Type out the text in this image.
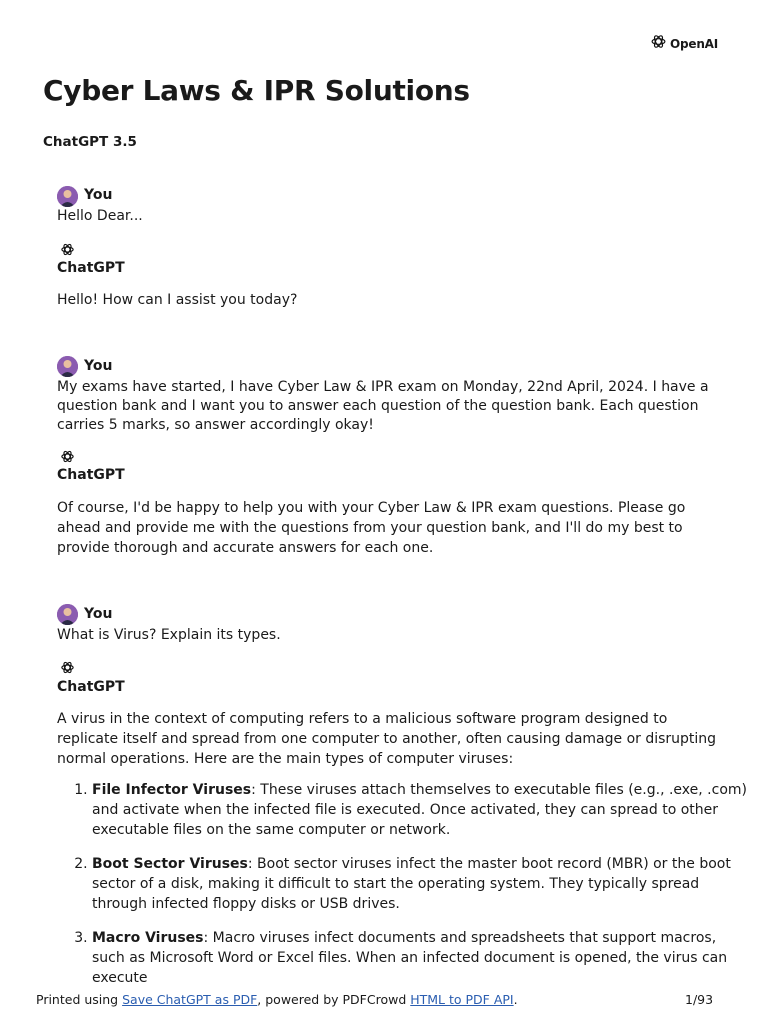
OpenAI
Cyber Laws & IPR Solutions
ChatGPT 3.5
You
Hello Dear...
ChatGPT
Hello! How can I assist you today?
You
My exams have started, I have Cyber Law & IPR exam on Monday, 22nd April, 2024. I have a question bank and I want you to answer each question of the question bank. Each question carries 5 marks, so answer accordingly okay!
ChatGPT
Of course, I'd be happy to help you with your Cyber Law & IPR exam questions. Please go ahead and provide me with the questions from your question bank, and I'll do my best to provide thorough and accurate answers for each one.
You
What is Virus? Explain its types.
ChatGPT
A virus in the context of computing refers to a malicious software program designed to replicate itself and spread from one computer to another, often causing damage or disrupting normal operations. Here are the main types of computer viruses:
1. File Infector Viruses: These viruses attach themselves to executable files (e.g., .exe, .com) and activate when the infected file is executed. Once activated, they can spread to other executable files on the same computer or network.
2. Boot Sector Viruses: Boot sector viruses infect the master boot record (MBR) or the boot sector of a disk, making it difficult to start the operating system. They typically spread through infected floppy disks or USB drives.
3. Macro Viruses: Macro viruses infect documents and spreadsheets that support macros, such as Microsoft Word or Excel files. When an infected document is opened, the virus can execute
Printed using Save ChatGPT as PDF, powered by PDFCrowd HTML to PDF API.	1/93
